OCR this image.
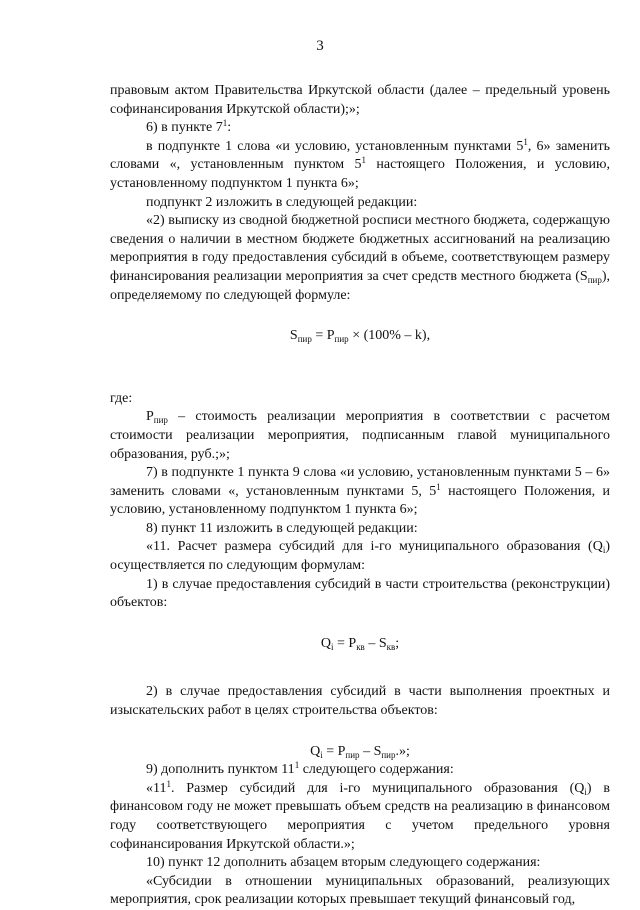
3

правовым актом Правительства Иркутской области (далее – предельный уровень софинансирования Иркутской области);»;

6) в пункте $7^1$:

в подпункте 1 слова «и условию, установленным пунктами $5^1$, 6» заменить словами «, установленным пунктом $5^1$ настоящего Положения, и условию, установленному подпунктом 1 пункта 6»;

подпункт 2 изложить в следующей редакции:

«2) выписку из сводной бюджетной росписи местного бюджета, содержащую сведения о наличии в местном бюджете бюджетных ассигнований на реализацию мероприятия в году предоставления субсидий в объеме, соответствующем размеру финансирования реализации мероприятия за счет средств местного бюджета $(S_{пир})$, определяемому по следующей формуле:

$S_{пир} = P_{пир} \times (100\% - k)$,

где:

$P_{пир}$ – стоимость реализации мероприятия в соответствии с расчетом стоимости реализации мероприятия, подписанным главой муниципального образования, руб.;»;

7) в подпункте 1 пункта 9 слова «и условию, установленным пунктами 5 – 6» заменить словами «, установленным пунктами 5, $5^1$ настоящего Положения, и условию, установленному подпунктом 1 пункта 6»;

8) пункт 11 изложить в следующей редакции:

«11. Расчет размера субсидий для i-го муниципального образования $(Q_i)$ осуществляется по следующим формулам:

1) в случае предоставления субсидий в части строительства (реконструкции) объектов:

$Q_i = P_{кв} - S_{кв}$;

2) в случае предоставления субсидий в части выполнения проектных и изыскательских работ в целях строительства объектов:

$Q_i = P_{пир} - S_{пир}$.»;

9) дополнить пунктом $11^1$ следующего содержания:

«$11^1$. Размер субсидий для i-го муниципального образования $(Q_i)$ в финансовом году не может превышать объем средств на реализацию в финансовом году соответствующего мероприятия с учетом предельного уровня софинансирования Иркутской области.»;

10) пункт 12 дополнить абзацем вторым следующего содержания:

«Субсидии в отношении муниципальных образований, реализующих мероприятия, срок реализации которых превышает текущий финансовый год,
